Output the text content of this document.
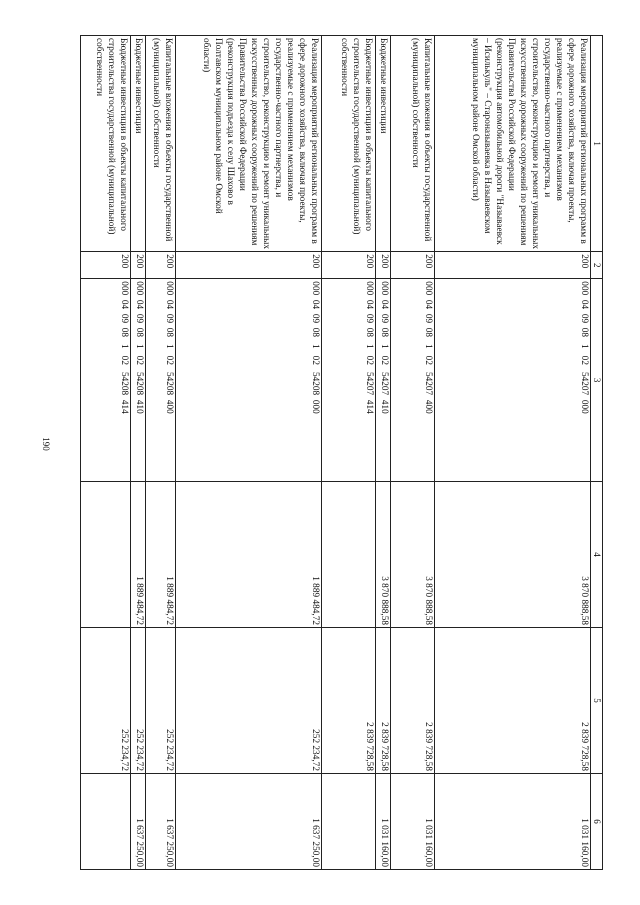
190
1	2	3	4	5	6
Реализация мероприятий региональных программ в сфере дорожного хозяйства, включая проекты, реализуемые с применением механизмов государственно-частного партнерства, и строительство, реконструкцию и ремонт уникальных искусственных дорожных сооружений по решениям Правительства Российской Федерации (реконструкция автомобильной дороги "Называевск – Исилькуль" – Староназываевка в Называевском муниципальном районе Омской области)	200	000  04  09  08   1   02   54207  000	3 870 888,58	2 839 728,58	1 031 160,00
Капитальные вложения в объекты государственной (муниципальной) собственности	200	000  04  09  08   1   02   54207  400	3 870 888,58	2 839 728,58	1 031 160,00
Бюджетные инвестиции	200	000  04  09  08   1   02   54207  410	3 870 888,58	2 839 728,58	1 031 160,00
Бюджетные инвестиции в объекты капитального строительства государственной (муниципальной) собственности	200	000  04  09  08   1   02   54207  414		2 839 728,58	
Реализация мероприятий региональных программ в сфере дорожного хозяйства, включая проекты, реализуемые с применением механизмов государственно-частного партнерства, и строительство, реконструкцию и ремонт уникальных искусственных дорожных сооружений по решениям Правительства Российской Федерации (реконструкция подъезда к селу Шахово в Полтавском муниципальном районе Омской области)	200	000  04  09  08   1   02   54208  000	1 889 484,72	252 234,72	1 637 250,00
Капитальные вложения в объекты государственной (муниципальной) собственности	200	000  04  09  08   1   02   54208  400	1 889 484,72	252 234,72	1 637 250,00
Бюджетные инвестиции	200	000  04  09  08   1   02   54208  410	1 889 484,72	252 234,72	1 637 250,00
Бюджетные инвестиции в объекты капитального строительства государственной (муниципальной) собственности	200	000  04  09  08   1   02   54208  414		252 234,72	
